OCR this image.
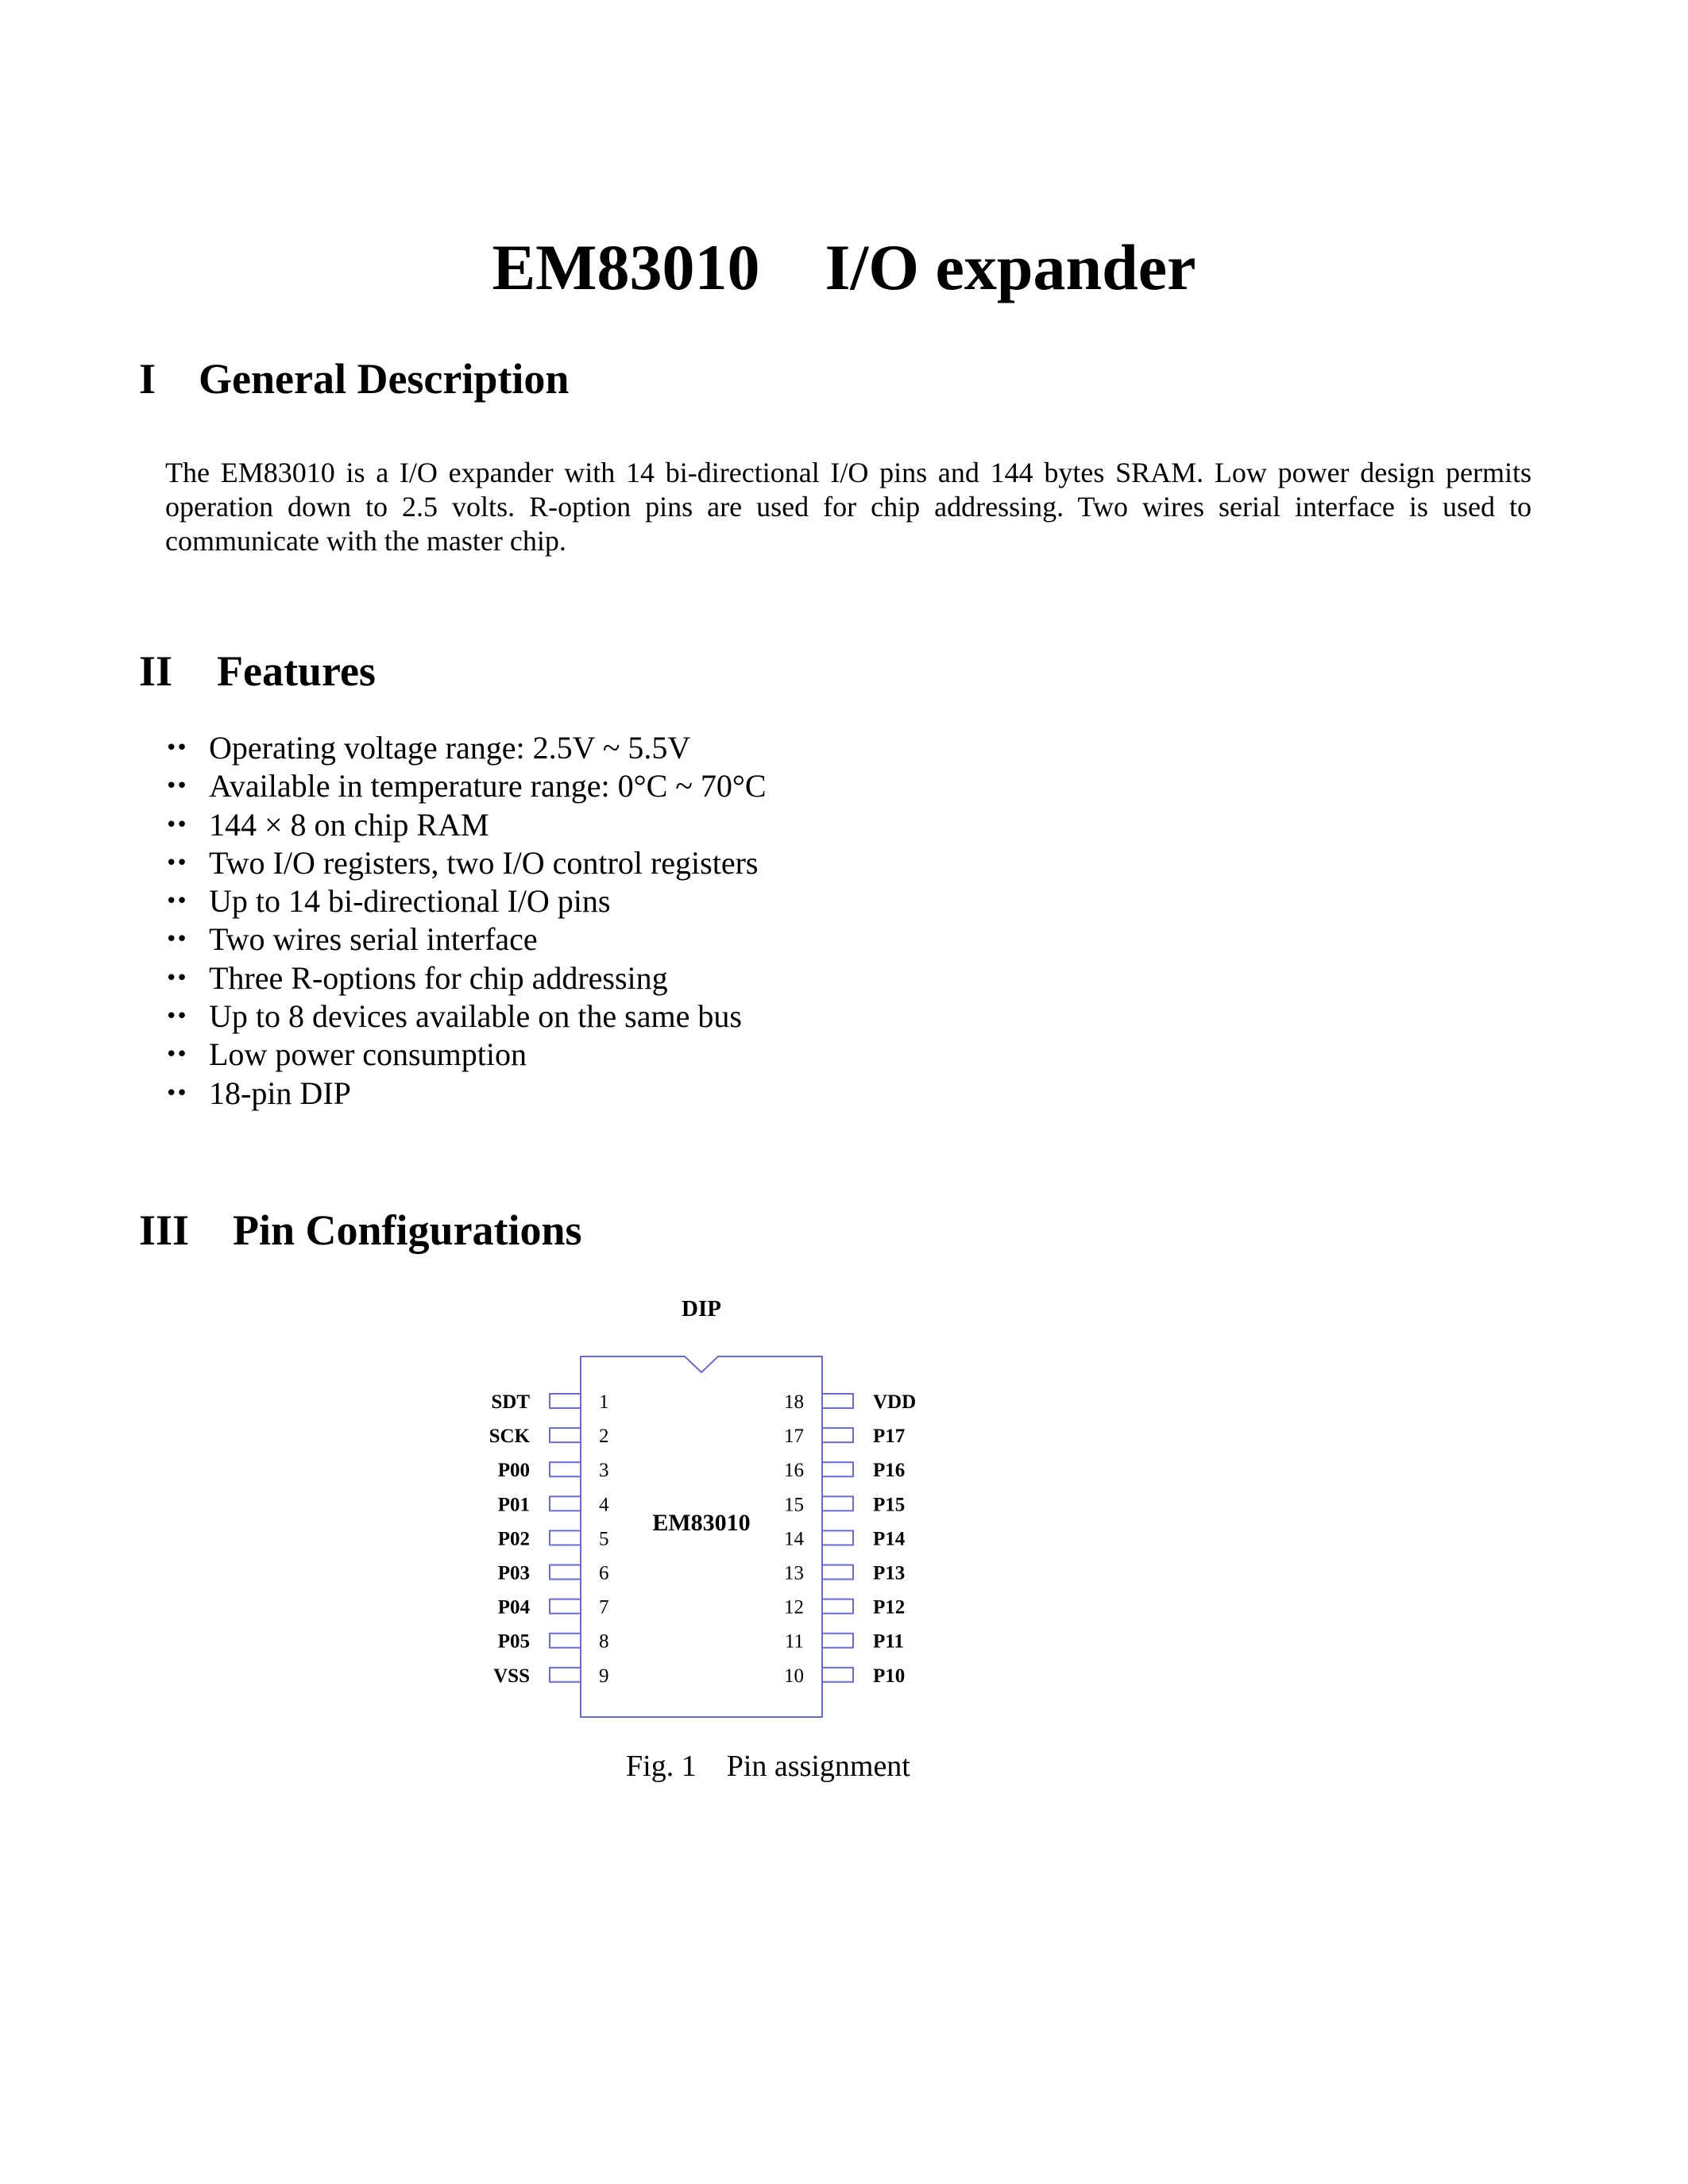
EM83010    I/O expander
I General Description
The EM83010 is a I/O expander with 14 bi-directional I/O pins and 144 bytes SRAM. Low power design permits operation down to 2.5 volts. R-option pins are used for chip addressing. Two wires serial interface is used to communicate with the master chip.
II Features
•• Operating voltage range: 2.5V ~ 5.5V
•• Available in temperature range: 0°C ~ 70°C
•• 144 × 8 on chip RAM
•• Two I/O registers, two I/O control registers
•• Up to 14 bi-directional I/O pins
•• Two wires serial interface
•• Three R-options for chip addressing
•• Up to 8 devices available on the same bus
•• Low power consumption
•• 18-pin DIP
III Pin Configurations
DIP
EM83010
SDT	1
SCK	2
P00	3
P01	4
P02	5
P03	6
P04	7
P05	8
VSS	9
18	VDD
17	P17
16	P16
15	P15
14	P14
13	P13
12	P12
11	P11
10	P10
Fig. 1    Pin assignment
